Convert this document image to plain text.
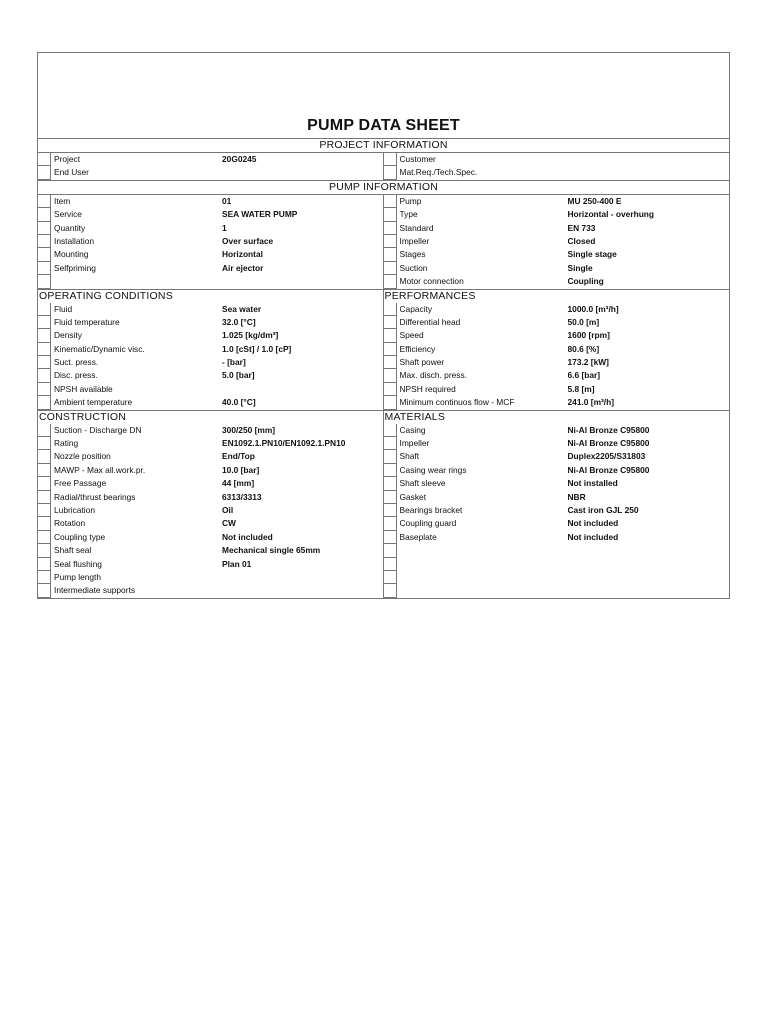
PUMP DATA SHEET
PROJECT INFORMATION
Project	20G0245
End User
Customer
Mat.Req./Tech.Spec.
PUMP INFORMATION
Item	01
Service	SEA WATER PUMP
Quantity	1
Installation	Over surface
Mounting	Horizontal
Selfpriming	Air ejector
Pump	MU 250-400 E
Type	Horizontal - overhung
Standard	EN 733
Impeller	Closed
Stages	Single stage
Suction	Single
Motor connection	Coupling
OPERATING CONDITIONS
Fluid	Sea water
Fluid temperature	32.0 [°C]
Density	1.025 [kg/dm³]
Kinematic/Dynamic visc.	1.0 [cSt] / 1.0 [cP]
Suct. press.	- [bar]
Disc. press.	5.0 [bar]
NPSH available
Ambient temperature	40.0 [°C]
PERFORMANCES
Capacity	1000.0 [m³/h]
Differential head	50.0 [m]
Speed	1600 [rpm]
Efficiency	80.6 [%]
Shaft power	173.2 [kW]
Max. disch. press.	6.6 [bar]
NPSH required	5.8 [m]
Minimum continuos flow - MCF	241.0 [m³/h]
CONSTRUCTION
Suction - Discharge DN	300/250 [mm]
Rating	EN1092.1.PN10/EN1092.1.PN10
Nozzle position	End/Top
MAWP - Max all.work.pr.	10.0 [bar]
Free Passage	44 [mm]
Radial/thrust bearings	6313/3313
Lubrication	Oil
Rotation	CW
Coupling type	Not included
Shaft seal	Mechanical single 65mm
Seal flushing	Plan 01
Pump length
Intermediate supports
MATERIALS
Casing	Ni-Al Bronze C95800
Impeller	Ni-Al Bronze C95800
Shaft	Duplex2205/S31803
Casing wear rings	Ni-Al Bronze C95800
Shaft sleeve	Not installed
Gasket	NBR
Bearings bracket	Cast iron GJL 250
Coupling guard	Not included
Baseplate	Not included
